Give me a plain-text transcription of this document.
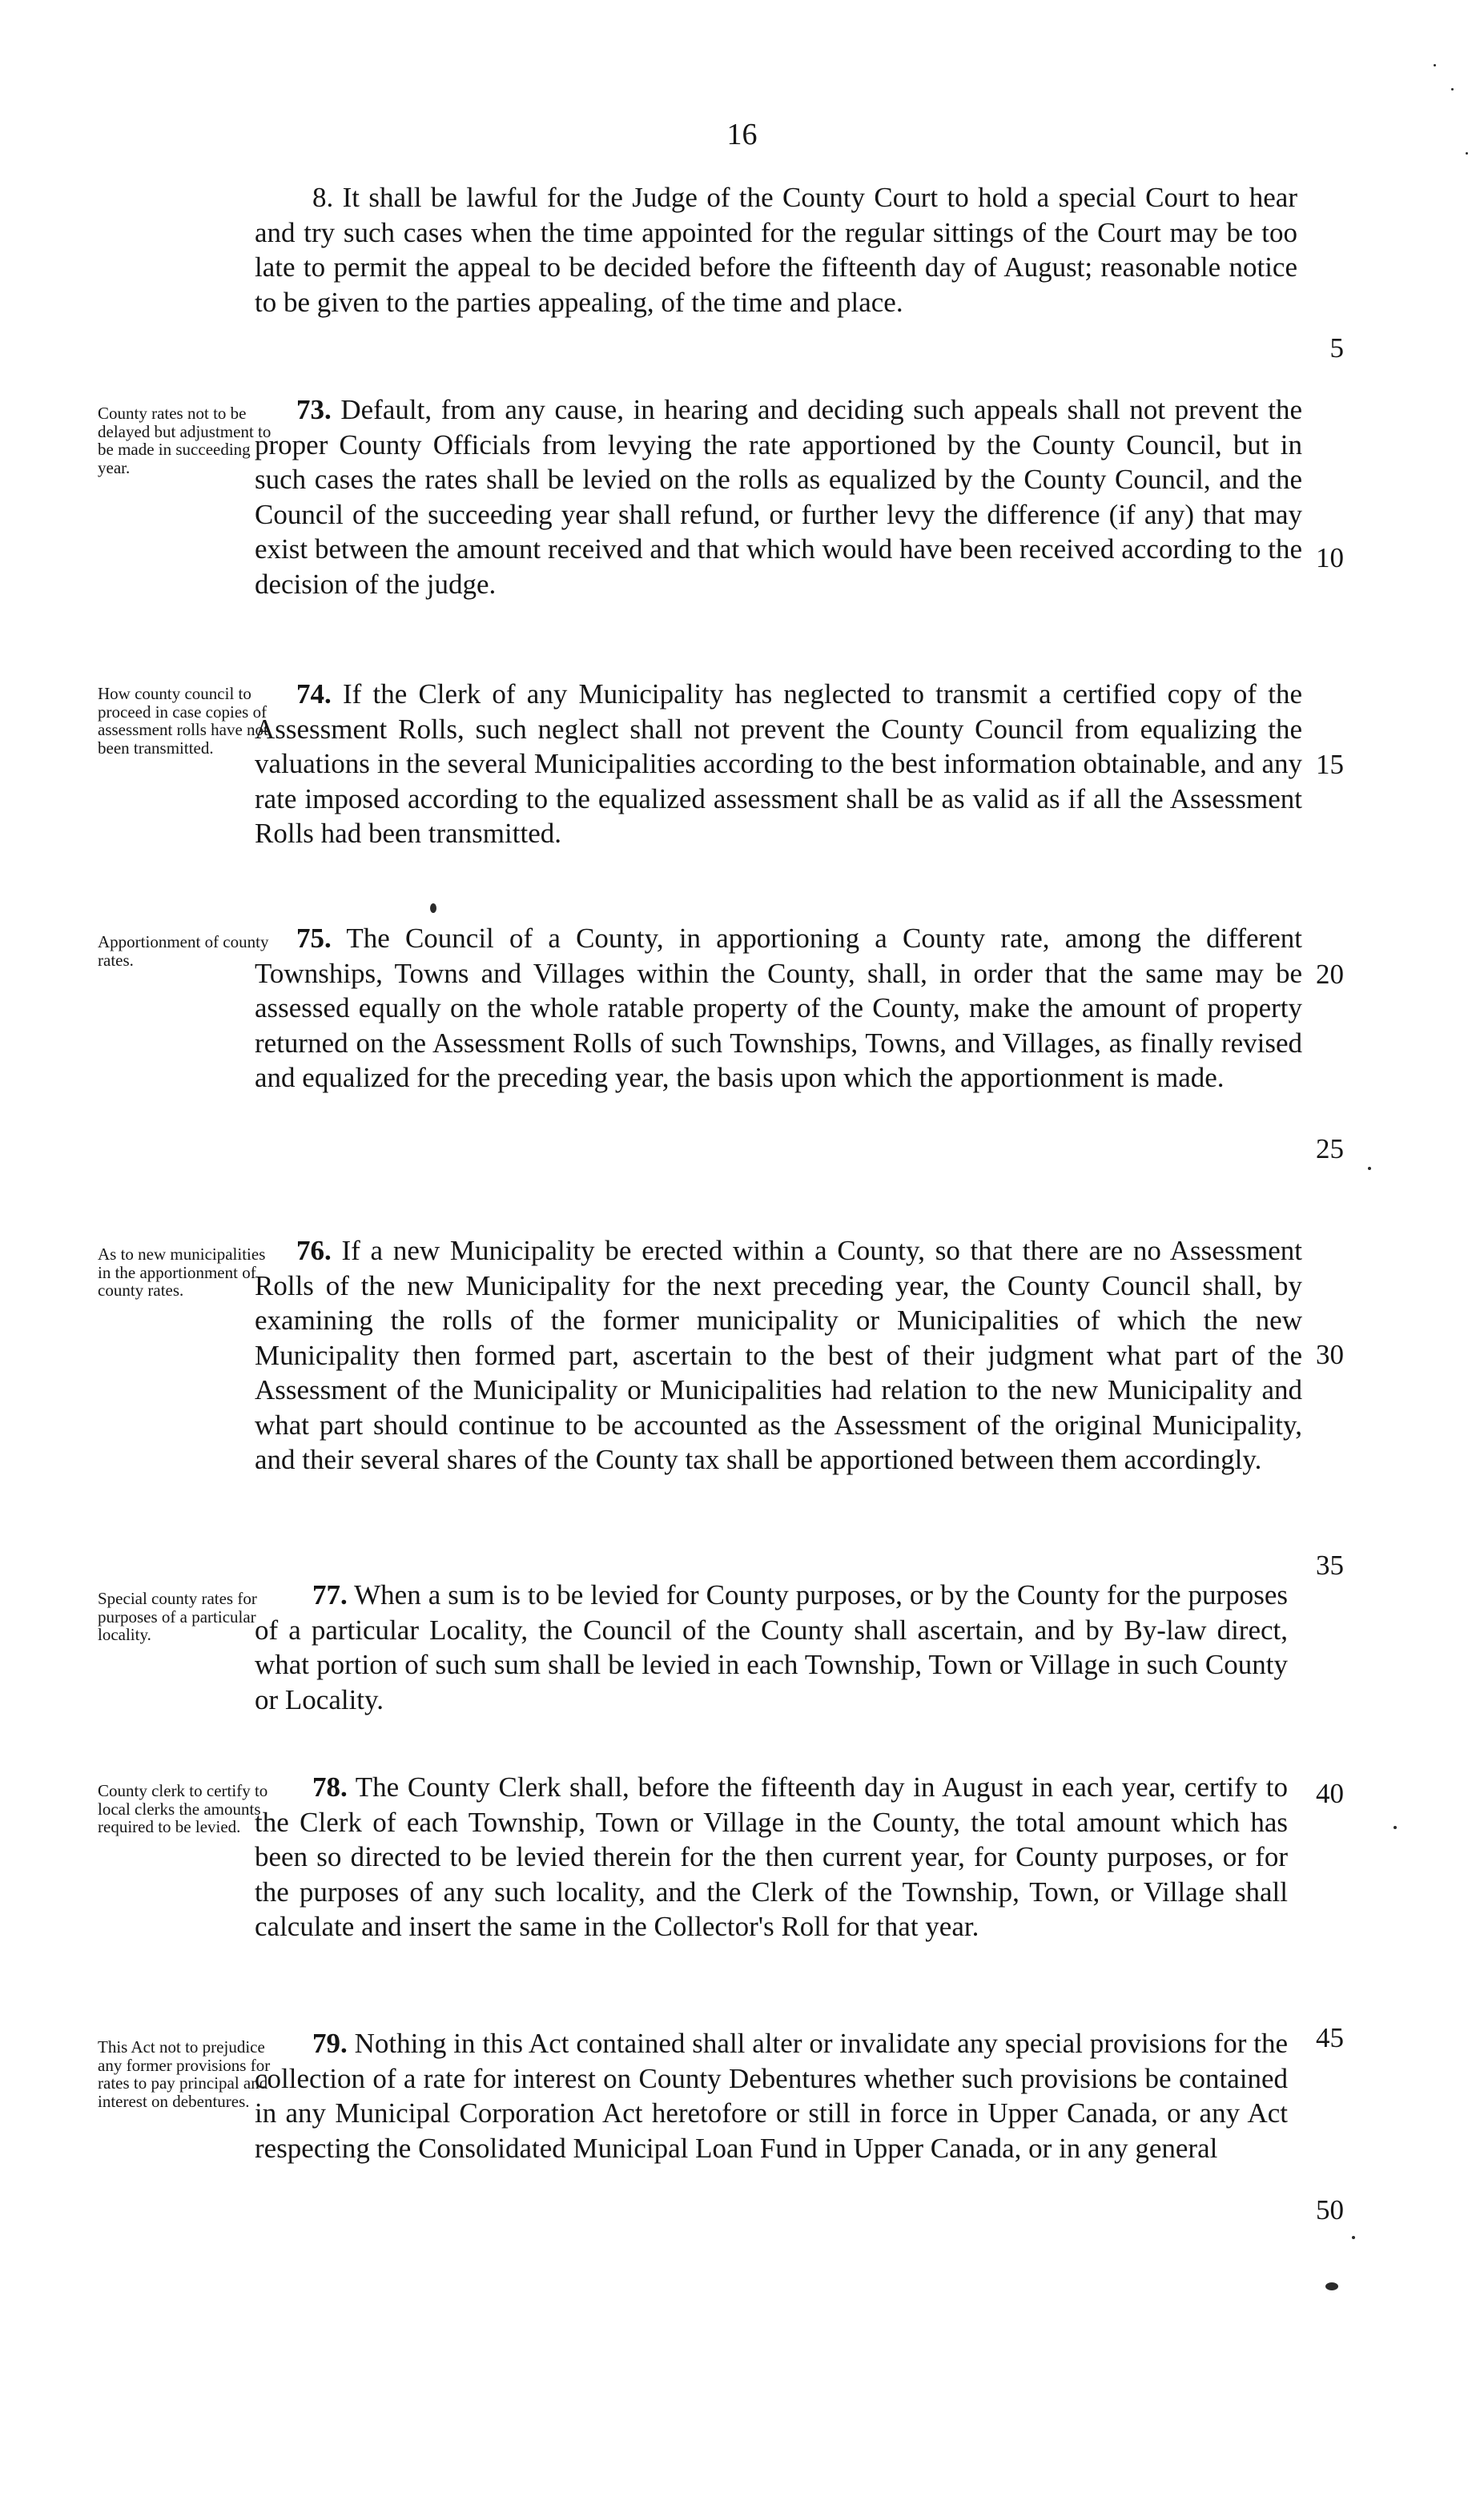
16
8. It shall be lawful for the Judge of the County Court to hold a special Court to hear and try such cases when the time appointed for the regular sittings of the Court may be too late to permit the appeal to be decided before the fifteenth day of August; reasonable notice to be given to the parties appealing, of the time and place.
County rates not to be delayed but adjustment to be made in succeeding year.
73. Default, from any cause, in hearing and deciding such appeals shall not prevent the proper County Officials from levying the rate apportioned by the County Council, but in such cases the rates shall be levied on the rolls as equalized by the County Council, and the Council of the succeeding year shall refund, or further levy the difference (if any) that may exist between the amount received and that which would have been received according to the decision of the judge.
How county council to proceed in case copies of assessment rolls have not been transmitted.
74. If the Clerk of any Municipality has neglected to transmit a certified copy of the Assessment Rolls, such neglect shall not prevent the County Council from equalizing the valuations in the several Municipalities according to the best information obtainable, and any rate imposed according to the equalized assessment shall be as valid as if all the Assessment Rolls had been transmitted.
Apportionment of county rates.
75. The Council of a County, in apportioning a County rate, among the different Townships, Towns and Villages within the County, shall, in order that the same may be assessed equally on the whole ratable property of the County, make the amount of property returned on the Assessment Rolls of such Townships, Towns, and Villages, as finally revised and equalized for the preceding year, the basis upon which the apportionment is made.
As to new municipalities in the apportionment of county rates.
76. If a new Municipality be erected within a County, so that there are no Assessment Rolls of the new Municipality for the next preceding year, the County Council shall, by examining the rolls of the former municipality or Municipalities of which the new Municipality then formed part, ascertain to the best of their judgment what part of the Assessment of the Municipality or Municipalities had relation to the new Municipality and what part should continue to be accounted as the Assessment of the original Municipality, and their several shares of the County tax shall be apportioned between them accordingly.
Special county rates for purposes of a particular locality.
77. When a sum is to be levied for County purposes, or by the County for the purposes of a particular Locality, the Council of the County shall ascertain, and by By-law direct, what portion of such sum shall be levied in each Township, Town or Village in such County or Locality.
County clerk to certify to local clerks the amounts required to be levied.
78. The County Clerk shall, before the fifteenth day in August in each year, certify to the Clerk of each Township, Town or Village in the County, the total amount which has been so directed to be levied therein for the then current year, for County purposes, or for the purposes of any such locality, and the Clerk of the Township, Town, or Village shall calculate and insert the same in the Collector's Roll for that year.
This Act not to prejudice any former provisions for rates to pay principal and interest on debentures.
79. Nothing in this Act contained shall alter or invalidate any special provisions for the collection of a rate for interest on County Debentures whether such provisions be contained in any Municipal Corporation Act heretofore or still in force in Upper Canada, or any Act respecting the Consolidated Municipal Loan Fund in Upper Canada, or in any general
5
10
15
20
25
30
35
40
45
50
